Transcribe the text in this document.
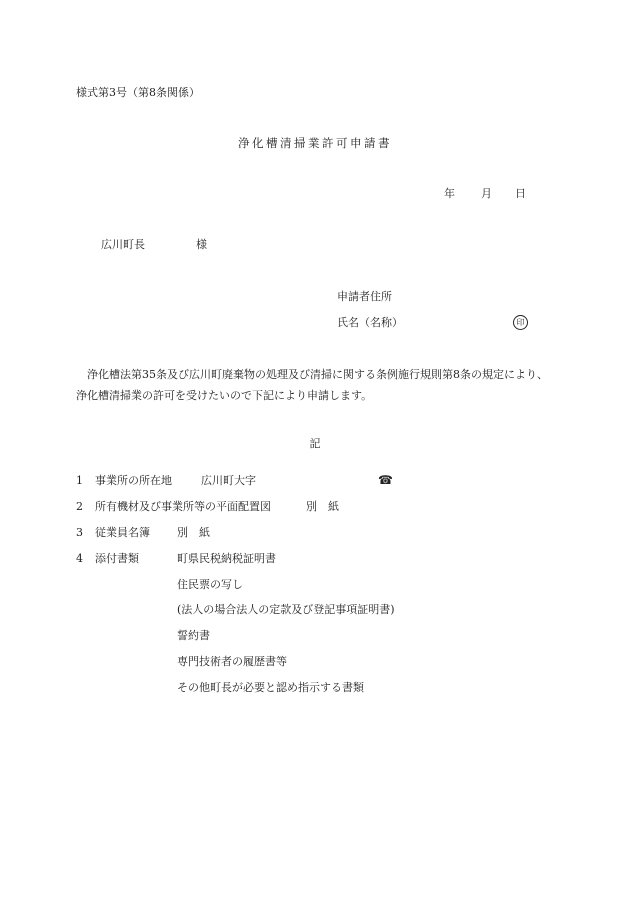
様式第3号（第8条関係）
浄化槽清掃業許可申請書
年 月 日
広川町長	様
申請者住所
氏名（名称）	印
浄化槽法第35条及び広川町廃棄物の処理及び清掃に関する条例施行規則第8条の規定により、浄化槽清掃業の許可を受けたいので下記により申請します。
記
1 事業所の所在地	広川町大字	☎
2 所有機材及び事業所等の平面配置図	別　紙
3 従業員名簿 別　紙
4 添付書類	町県民税納税証明書
住民票の写し
(法人の場合法人の定款及び登記事項証明書)
誓約書
専門技術者の履歴書等
その他町長が必要と認め指示する書類
